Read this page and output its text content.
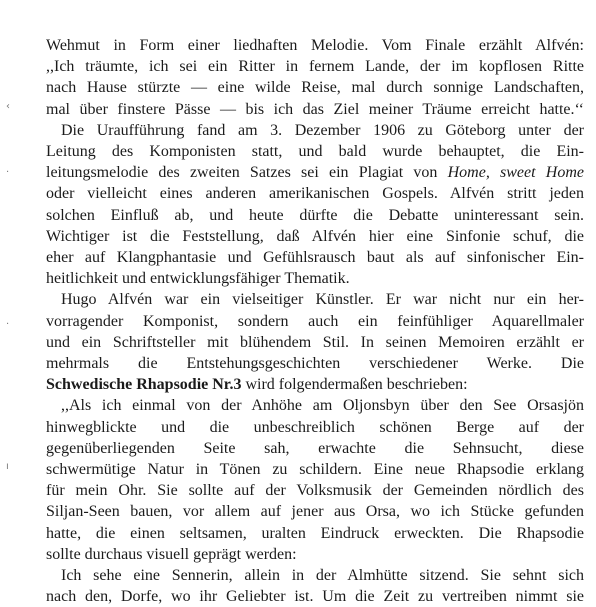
‹
·
·
ı
Wehmut in Form einer liedhaften Melodie. Vom Finale erzählt Alfvén:
,,Ich träumte, ich sei ein Ritter in fernem Lande, der im kopflosen Ritte
nach Hause stürzte — eine wilde Reise, mal durch sonnige Landschaften,
mal über finstere Pässe — bis ich das Ziel meiner Träume erreicht hatte.‘‘
Die Uraufführung fand am 3. Dezember 1906 zu Göteborg unter der
Leitung des Komponisten statt, und bald wurde behauptet, die Ein-
leitungsmelodie des zweiten Satzes sei ein Plagiat von Home, sweet Home
oder vielleicht eines anderen amerikanischen Gospels. Alfvén stritt jeden
solchen Einfluß ab, und heute dürfte die Debatte uninteressant sein.
Wichtiger ist die Feststellung, daß Alfvén hier eine Sinfonie schuf, die
eher auf Klangphantasie und Gefühlsrausch baut als auf sinfonischer Ein-
heitlichkeit und entwicklungsfähiger Thematik.
Hugo Alfvén war ein vielseitiger Künstler. Er war nicht nur ein her-
vorragender Komponist, sondern auch ein feinfühliger Aquarellmaler
und ein Schriftsteller mit blühendem Stil. In seinen Memoiren erzählt er
mehrmals die Entstehungsgeschichten verschiedener Werke. Die
Schwedische Rhapsodie Nr.3 wird folgendermaßen beschrieben:
,,Als ich einmal von der Anhöhe am Oljonsbyn über den See Orsasjön
hinwegblickte und die unbeschreiblich schönen Berge auf der
gegenüberliegenden Seite sah, erwachte die Sehnsucht, diese
schwermütige Natur in Tönen zu schildern. Eine neue Rhapsodie erklang
für mein Ohr. Sie sollte auf der Volksmusik der Gemeinden nördlich des
Siljan-Seen bauen, vor allem auf jener aus Orsa, wo ich Stücke gefunden
hatte, die einen seltsamen, uralten Eindruck erweckten. Die Rhapsodie
sollte durchaus visuell geprägt werden:
Ich sehe eine Sennerin, allein in der Almhütte sitzend. Sie sehnt sich
nach den, Dorfe, wo ihr Geliebter ist. Um die Zeit zu vertreiben nimmt sie
